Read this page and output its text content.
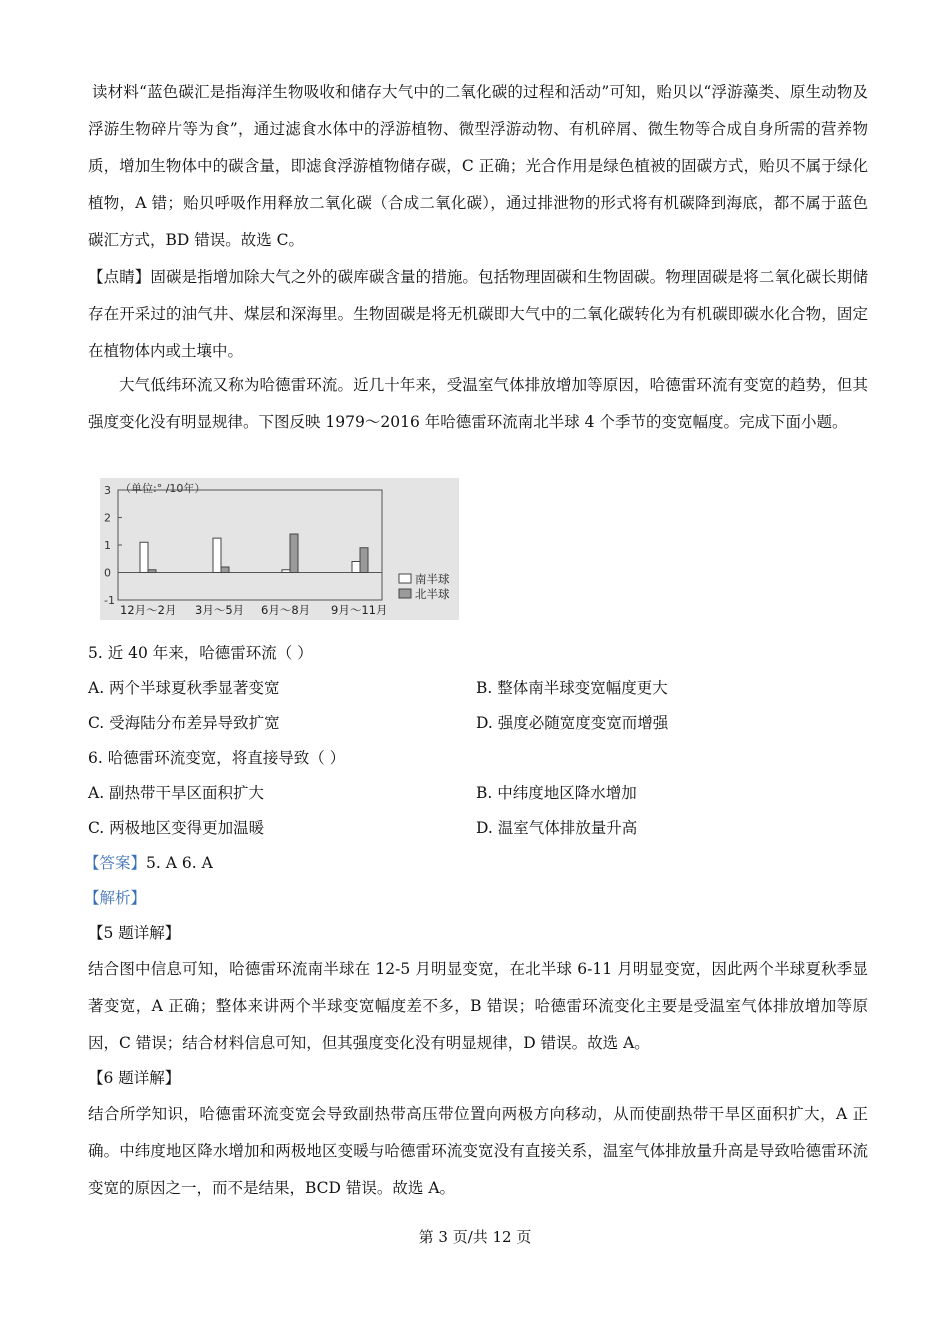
读材料“蓝色碳汇是指海洋生物吸收和储存大气中的二氧化碳的过程和活动”可知，贻贝以“浮游藻类、原生动物及浮游生物碎片等为食”，通过滤食水体中的浮游植物、微型浮游动物、有机碎屑、微生物等合成自身所需的营养物质，增加生物体中的碳含量，即滤食浮游植物储存碳，C 正确；光合作用是绿色植被的固碳方式，贻贝不属于绿化植物，A 错；贻贝呼吸作用释放二氧化碳（合成二氧化碳），通过排泄物的形式将有机碳降到海底，都不属于蓝色碳汇方式，BD 错误。故选 C。

【点睛】固碳是指增加除大气之外的碳库碳含量的措施。包括物理固碳和生物固碳。物理固碳是将二氧化碳长期储存在开采过的油气井、煤层和深海里。生物固碳是将无机碳即大气中的二氧化碳转化为有机碳即碳水化合物，固定在植物体内或土壤中。

大气低纬环流又称为哈德雷环流。近几十年来，受温室气体排放增加等原因，哈德雷环流有变宽的趋势，但其强度变化没有明显规律。下图反映 1979～2016 年哈德雷环流南北半球 4 个季节的变宽幅度。完成下面小题。

（单位:° /10年）
3
2
1
0
-1
12月～2月 3月～5月 6月～8月 9月～11月
南半球
北半球

5. 近 40 年来，哈德雷环流（ ）

A. 两个半球夏秋季显著变宽	B. 整体南半球变宽幅度更大

C. 受海陆分布差异导致扩宽	D. 强度必随宽度变宽而增强

6. 哈德雷环流变宽，将直接导致（ ）

A. 副热带干旱区面积扩大	B. 中纬度地区降水增加

C. 两极地区变得更加温暖	D. 温室气体排放量升高

【答案】5. A 6. A

【解析】

【5 题详解】

结合图中信息可知，哈德雷环流南半球在 12-5 月明显变宽，在北半球 6-11 月明显变宽，因此两个半球夏秋季显著变宽，A 正确；整体来讲两个半球变宽幅度差不多，B 错误；哈德雷环流变化主要是受温室气体排放增加等原因，C 错误；结合材料信息可知，但其强度变化没有明显规律，D 错误。故选 A。

【6 题详解】

结合所学知识，哈德雷环流变宽会导致副热带高压带位置向两极方向移动，从而使副热带干旱区面积扩大，A 正确。中纬度地区降水增加和两极地区变暖与哈德雷环流变宽没有直接关系，温室气体排放量升高是导致哈德雷环流变宽的原因之一，而不是结果，BCD 错误。故选 A。

第 3 页/共 12 页
